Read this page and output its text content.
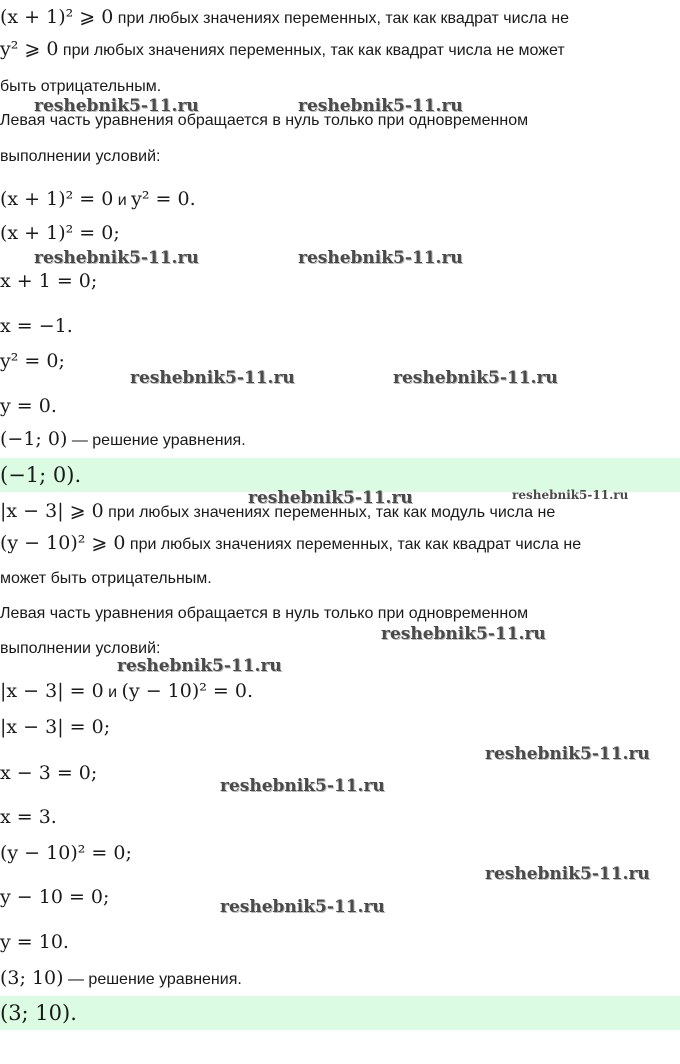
(x + 1)² ⩾ 0 при любых значениях переменных, так как квадрат числа не
y² ⩾ 0 при любых значениях переменных, так как квадрат числа не может
быть отрицательным.
Левая часть уравнения обращается в нуль только при одновременном
выполнении условий:
(x + 1)² = 0 и y² = 0.
(x + 1)² = 0;
x + 1 = 0;
x = −1.
y² = 0;
y = 0.
(−1; 0) — решение уравнения.
(−1; 0).
|x − 3| ⩾ 0 при любых значениях переменных, так как модуль числа не
(y − 10)² ⩾ 0 при любых значениях переменных, так как квадрат числа не
может быть отрицательным.
Левая часть уравнения обращается в нуль только при одновременном
выполнении условий:
|x − 3| = 0 и (y − 10)² = 0.
|x − 3| = 0;
x − 3 = 0;
x = 3.
(y − 10)² = 0;
y − 10 = 0;
y = 10.
(3; 10) — решение уравнения.
(3; 10).
reshebnik5-11.ru	reshebnik5-11.ru
reshebnik5-11.ru	reshebnik5-11.ru
reshebnik5-11.ru	reshebnik5-11.ru
reshebnik5-11.ru	reshebnik5-11.ru
reshebnik5-11.ru
reshebnik5-11.ru
reshebnik5-11.ru
reshebnik5-11.ru
reshebnik5-11.ru
reshebnik5-11.ru
